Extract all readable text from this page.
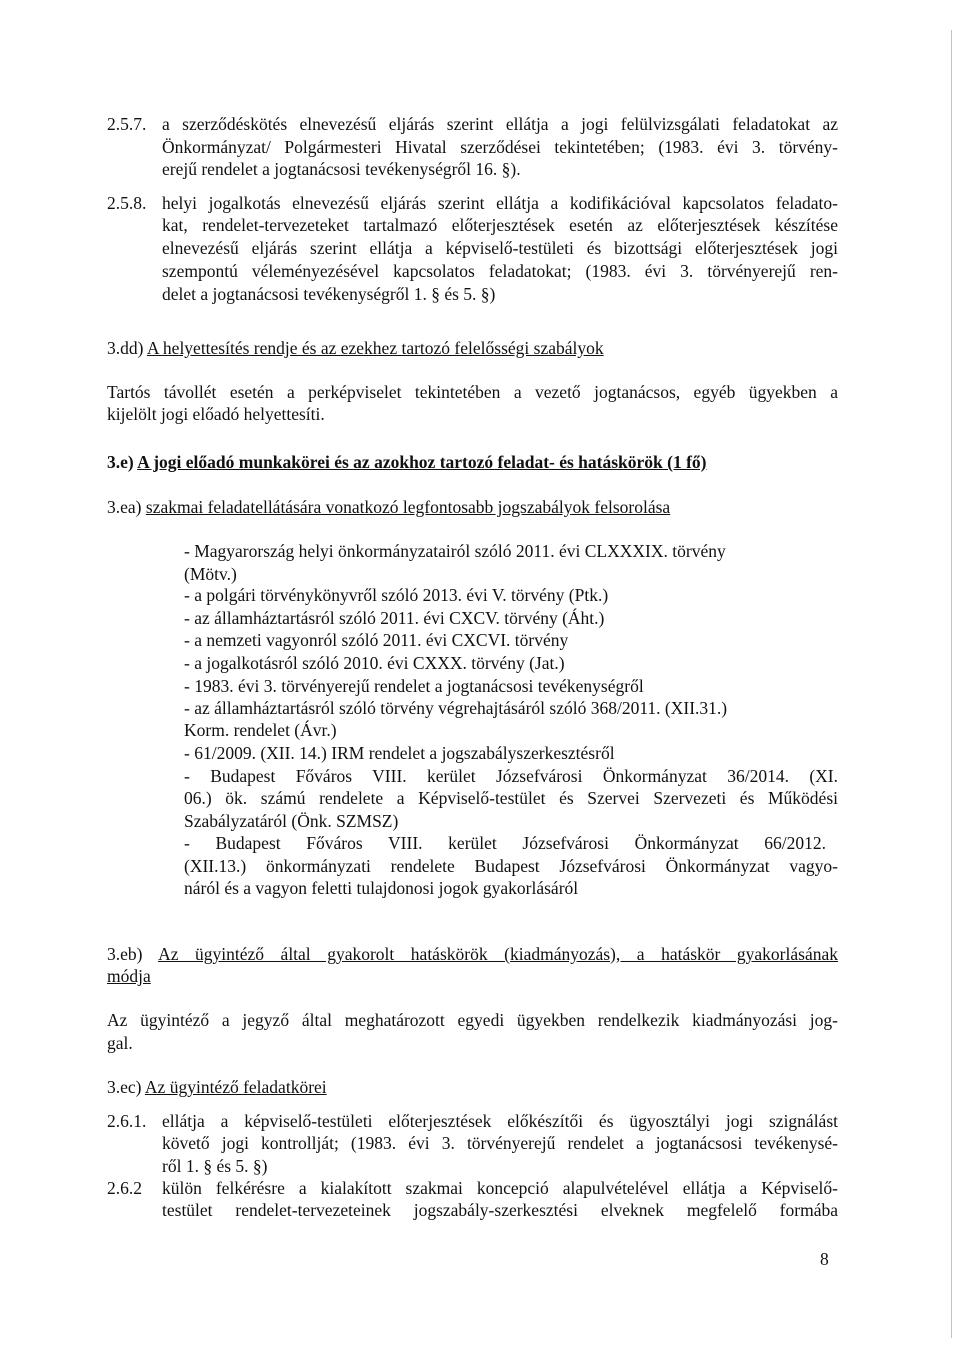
2.5.7. a szerződéskötés elnevezésű eljárás szerint ellátja a jogi felülvizsgálati feladatokat az
Önkormányzat/ Polgármesteri Hivatal szerződései tekintetében; (1983. évi 3. törvény-
erejű rendelet a jogtanácsosi tevékenységről 16. §).
2.5.8. helyi jogalkotás elnevezésű eljárás szerint ellátja a kodifikációval kapcsolatos feladato-
kat, rendelet-tervezeteket tartalmazó előterjesztések esetén az előterjesztések készítése
elnevezésű eljárás szerint ellátja a képviselő-testületi és bizottsági előterjesztések jogi
szempontú véleményezésével kapcsolatos feladatokat; (1983. évi 3. törvényerejű ren-
delet a jogtanácsosi tevékenységről 1. § és 5. §)
3.dd) A helyettesítés rendje és az ezekhez tartozó felelősségi szabályok
Tartós távollét esetén a perképviselet tekintetében a vezető jogtanácsos, egyéb ügyekben a
kijelölt jogi előadó helyettesíti.
3.e) A jogi előadó munkakörei és az azokhoz tartozó feladat- és hatáskörök (1 fő)
3.ea) szakmai feladatellátására vonatkozó legfontosabb jogszabályok felsorolása
- Magyarország helyi önkormányzatairól szóló 2011. évi CLXXXIX. törvény
(Mötv.)
- a polgári törvénykönyvről szóló 2013. évi V. törvény (Ptk.)
- az államháztartásról szóló 2011. évi CXCV. törvény (Áht.)
- a nemzeti vagyonról szóló 2011. évi CXCVI. törvény
- a jogalkotásról szóló 2010. évi CXXX. törvény (Jat.)
- 1983. évi 3. törvényerejű rendelet a jogtanácsosi tevékenységről
- az államháztartásról szóló törvény végrehajtásáról szóló 368/2011. (XII.31.)
Korm. rendelet (Ávr.)
- 61/2009. (XII. 14.) IRM rendelet a jogszabályszerkesztésről
- Budapest Főváros VIII. kerület Józsefvárosi Önkormányzat 36/2014. (XI.
06.) ök. számú rendelete a Képviselő-testület és Szervei Szervezeti és Működési
Szabályzatáról (Önk. SZMSZ)
- Budapest Főváros VIII. kerület Józsefvárosi Önkormányzat 66/2012.
(XII.13.) önkormányzati rendelete Budapest Józsefvárosi Önkormányzat vagyo-
náról és a vagyon feletti tulajdonosi jogok gyakorlásáról
3.eb) Az ügyintéző által gyakorolt hatáskörök (kiadmányozás), a hatáskör gyakorlásának
módja
Az ügyintéző a jegyző által meghatározott egyedi ügyekben rendelkezik kiadmányozási jog-
gal.
3.ec) Az ügyintéző feladatkörei
2.6.1. ellátja a képviselő-testületi előterjesztések előkészítői és ügyosztályi jogi szignálást
követő jogi kontrollját; (1983. évi 3. törvényerejű rendelet a jogtanácsosi tevékenysé-
ről 1. § és 5. §)
2.6.2 külön felkérésre a kialakított szakmai koncepció alapulvételével ellátja a Képviselő-
testület rendelet-tervezeteinek jogszabály-szerkesztési elveknek megfelelő formába
8
